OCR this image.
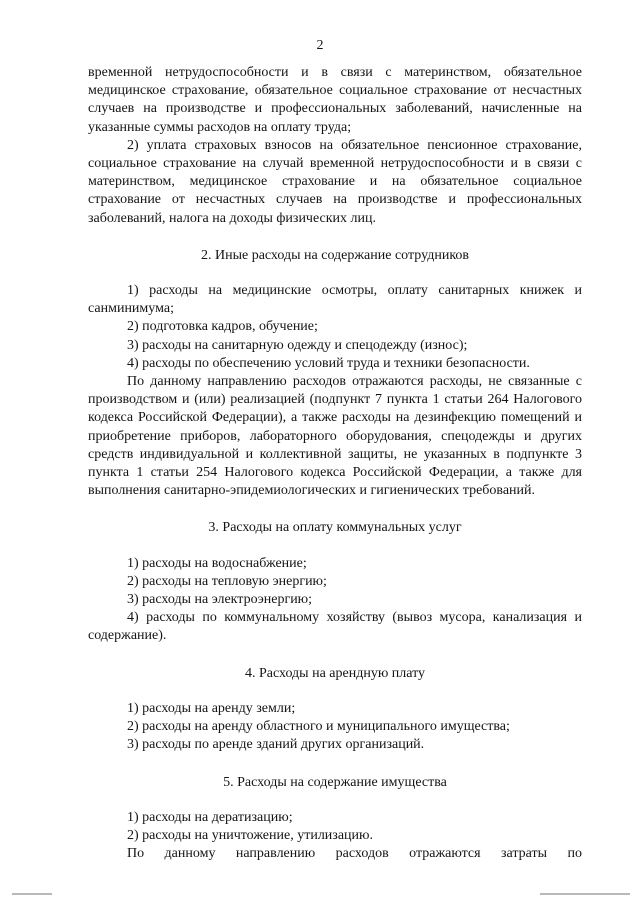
2

временной нетрудоспособности и в связи с материнством, обязательное медицинское страхование, обязательное социальное страхование от несчастных случаев на производстве и профессиональных заболеваний, начисленные на указанные суммы расходов на оплату труда;

2) уплата страховых взносов на обязательное пенсионное страхование, социальное страхование на случай временной нетрудоспособности и в связи с материнством, медицинское страхование и на обязательное социальное страхование от несчастных случаев на производстве и профессиональных заболеваний, налога на доходы физических лиц.

2. Иные расходы на содержание сотрудников

1) расходы на медицинские осмотры, оплату санитарных книжек и санминимума;

2) подготовка кадров, обучение;

3) расходы на санитарную одежду и спецодежду (износ);

4) расходы по обеспечению условий труда и техники безопасности.

По данному направлению расходов отражаются расходы, не связанные с производством и (или) реализацией (подпункт 7 пункта 1 статьи 264 Налогового кодекса Российской Федерации), а также расходы на дезинфекцию помещений и приобретение приборов, лабораторного оборудования, спецодежды и других средств индивидуальной и коллективной защиты, не указанных в подпункте 3 пункта 1 статьи 254 Налогового кодекса Российской Федерации, а также для выполнения санитарно-эпидемиологических и гигиенических требований.

3. Расходы на оплату коммунальных услуг

1) расходы на водоснабжение;

2) расходы на тепловую энергию;

3) расходы на электроэнергию;

4) расходы по коммунальному хозяйству (вывоз мусора, канализация и содержание).

4. Расходы на арендную плату

1) расходы на аренду земли;

2) расходы на аренду областного и муниципального имущества;

3) расходы по аренде зданий других организаций.

5. Расходы на содержание имущества

1) расходы на дератизацию;

2) расходы на уничтожение, утилизацию.

По данному направлению расходов отражаются затраты по
